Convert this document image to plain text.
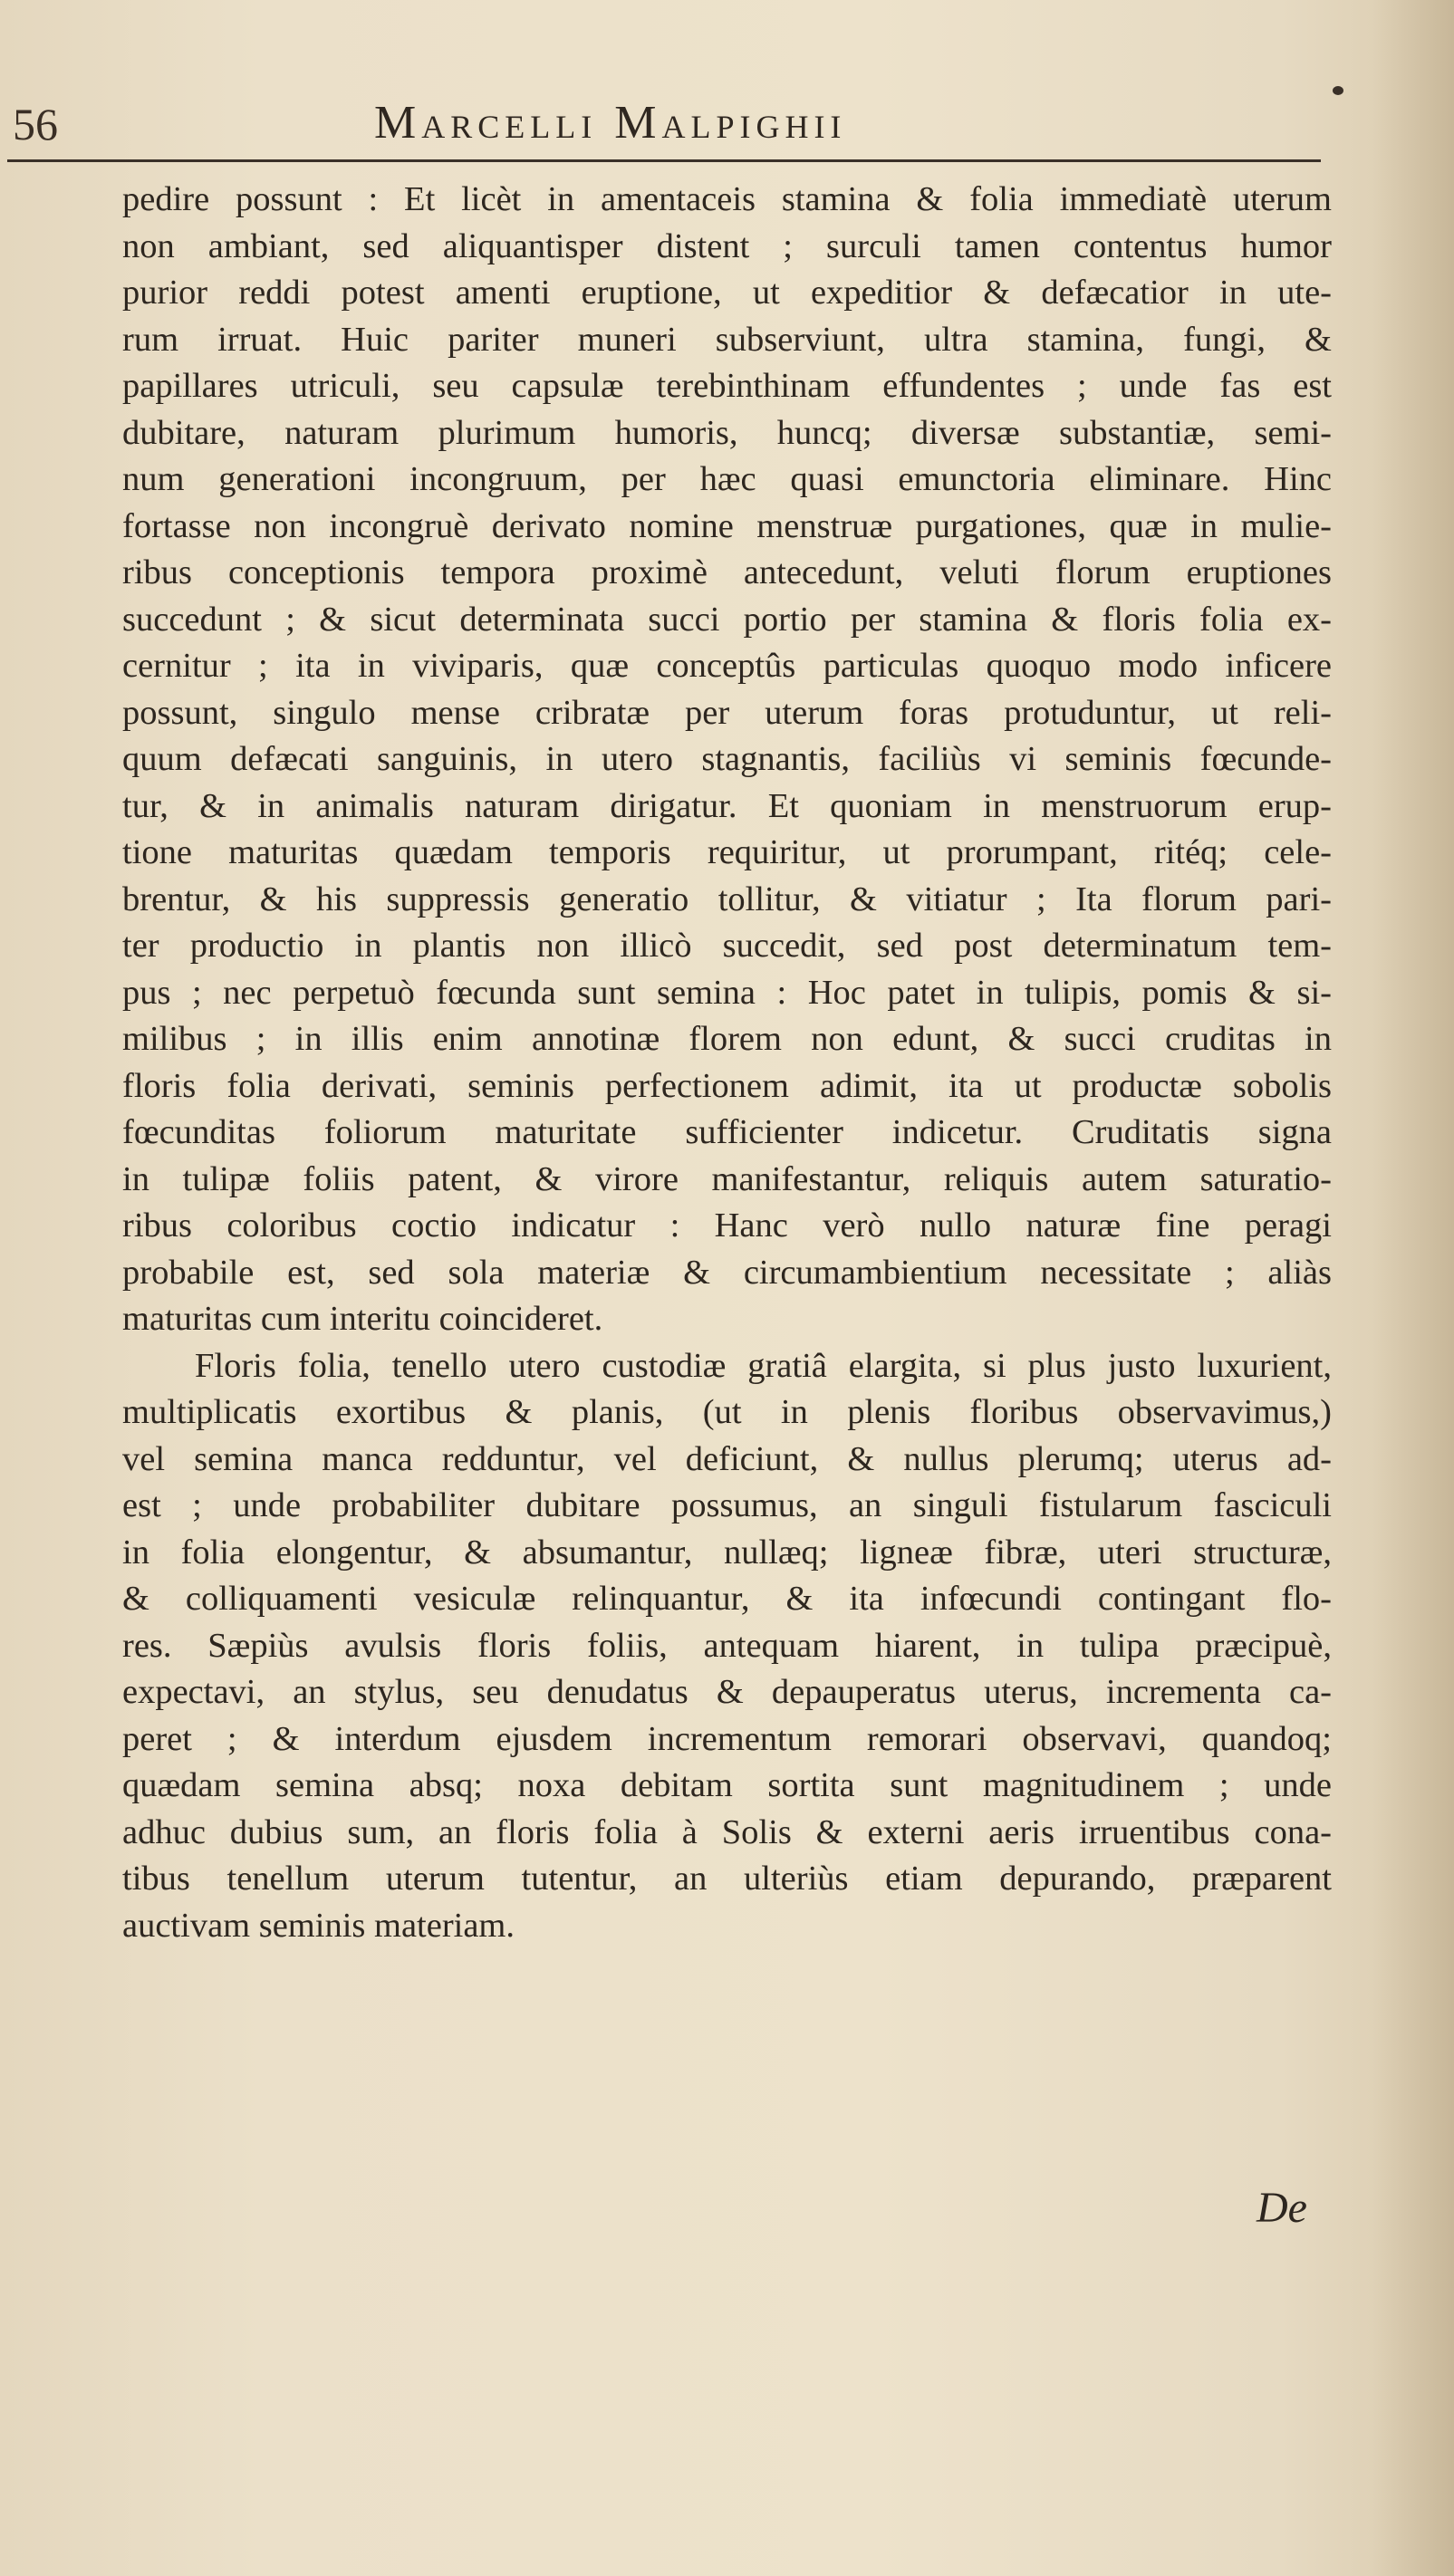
56	Marcelli Malpighii
pedire possunt : Et licèt in amentaceis stamina & folia immediatè uterum
non ambiant, sed aliquantisper distent ; surculi tamen contentus humor
purior reddi potest amenti eruptione, ut expeditior & defæcatior in ute-
rum irruat. Huic pariter muneri subserviunt, ultra stamina, fungi, &
papillares utriculi, seu capsulæ terebinthinam effundentes ; unde fas est
dubitare, naturam plurimum humoris, huncq; diversæ substantiæ, semi-
num generationi incongruum, per hæc quasi emunctoria eliminare. Hinc
fortasse non incongruè derivato nomine menstruæ purgationes, quæ in mulie-
ribus conceptionis tempora proximè antecedunt, veluti florum eruptiones
succedunt ; & sicut determinata succi portio per stamina & floris folia ex-
cernitur ; ita in viviparis, quæ conceptûs particulas quoquo modo inficere
possunt, singulo mense cribratæ per uterum foras protuduntur, ut reli-
quum defæcati sanguinis, in utero stagnantis, faciliùs vi seminis fœcunde-
tur, & in animalis naturam dirigatur. Et quoniam in menstruorum erup-
tione maturitas quædam temporis requiritur, ut prorumpant, ritéq; cele-
brentur, & his suppressis generatio tollitur, & vitiatur ; Ita florum pari-
ter productio in plantis non illicò succedit, sed post determinatum tem-
pus ; nec perpetuò fœcunda sunt semina : Hoc patet in tulipis, pomis & si-
milibus ; in illis enim annotinæ florem non edunt, & succi cruditas in
floris folia derivati, seminis perfectionem adimit, ita ut productæ sobolis
fœcunditas foliorum maturitate sufficienter indicetur. Cruditatis signa
in tulipæ foliis patent, & virore manifestantur, reliquis autem saturatio-
ribus coloribus coctio indicatur : Hanc verò nullo naturæ fine peragi
probabile est, sed sola materiæ & circumambientium necessitate ; aliàs
maturitas cum interitu coincideret.
Floris folia, tenello utero custodiæ gratiâ elargita, si plus justo luxurient,
multiplicatis exortibus & planis, (ut in plenis floribus observavimus,)
vel semina manca redduntur, vel deficiunt, & nullus plerumq; uterus ad-
est ; unde probabiliter dubitare possumus, an singuli fistularum fasciculi
in folia elongentur, & absumantur, nullæq; ligneæ fibræ, uteri structuræ,
& colliquamenti vesiculæ relinquantur, & ita infœcundi contingant flo-
res. Sæpiùs avulsis floris foliis, antequam hiarent, in tulipa præcipuè,
expectavi, an stylus, seu denudatus & depauperatus uterus, incrementa ca-
peret ; & interdum ejusdem incrementum remorari observavi, quandoq;
quædam semina absq; noxa debitam sortita sunt magnitudinem ; unde
adhuc dubius sum, an floris folia à Solis & externi aeris irruentibus cona-
tibus tenellum uterum tutentur, an ulteriùs etiam depurando, præparent
auctivam seminis materiam.
De
